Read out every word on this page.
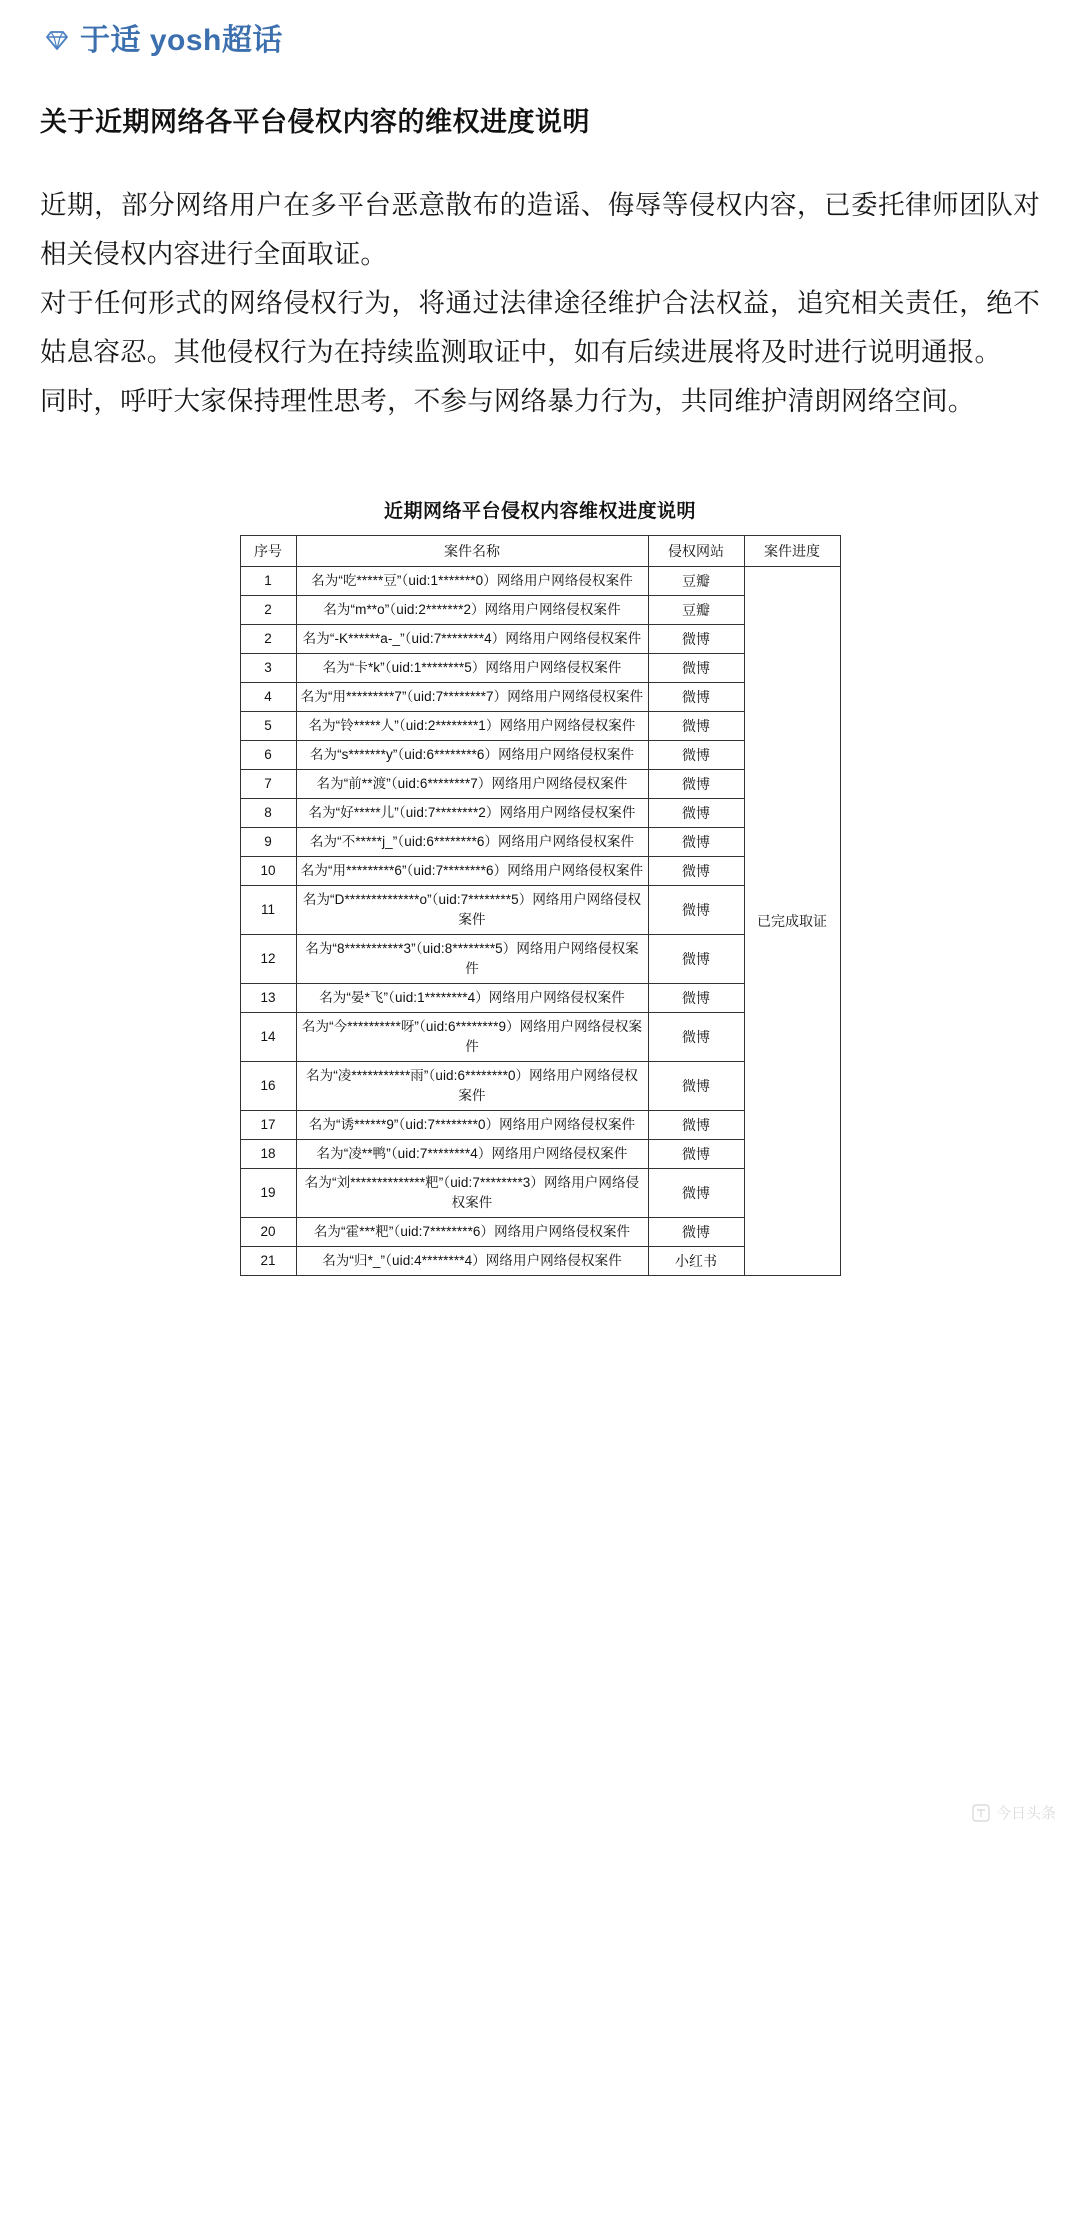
于适 yosh超话
关于近期网络各平台侵权内容的维权进度说明

近期，部分网络用户在多平台恶意散布的造谣、侮辱等侵权内容，已委托律师团队对相关侵权内容进行全面取证。

对于任何形式的网络侵权行为，将通过法律途径维护合法权益，追究相关责任，绝不姑息容忍。其他侵权行为在持续监测取证中，如有后续进展将及时进行说明通报。

同时，呼吁大家保持理性思考，不参与网络暴力行为，共同维护清朗网络空间。

近期网络平台侵权内容维权进度说明
序号	案件名称	侵权网站	案件进度
1	名为“吃*****豆”（uid:1*******0）网络用户网络侵权案件	豆瓣	已完成取证
2	名为“m**o”（uid:2*******2）网络用户网络侵权案件	豆瓣	
2	名为“-K******a-_”（uid:7********4）网络用户网络侵权案件	微博	
3	名为“卡*k”（uid:1********5）网络用户网络侵权案件	微博	
4	名为“用*********7”（uid:7********7）网络用户网络侵权案件	微博	
5	名为“铃*****人”（uid:2********1）网络用户网络侵权案件	微博	
6	名为“s*******y”（uid:6********6）网络用户网络侵权案件	微博	
7	名为“前**渡”（uid:6********7）网络用户网络侵权案件	微博	
8	名为“好*****儿”（uid:7********2）网络用户网络侵权案件	微博	
9	名为“不*****j_”（uid:6********6）网络用户网络侵权案件	微博	
10	名为“用*********6”（uid:7********6）网络用户网络侵权案件	微博	
11	名为“D**************o”（uid:7********5）网络用户网络侵权案件	微博	
12	名为“8***********3”（uid:8********5）网络用户网络侵权案件	微博	
13	名为“晏*飞”（uid:1********4）网络用户网络侵权案件	微博	
14	名为“今**********呀”（uid:6********9）网络用户网络侵权案件	微博	
16	名为“凌***********雨”（uid:6********0）网络用户网络侵权案件	微博	
17	名为“诱******9”（uid:7********0）网络用户网络侵权案件	微博	
18	名为“凌**鸭”（uid:7********4）网络用户网络侵权案件	微博	
19	名为“刘**************粑”（uid:7********3）网络用户网络侵权案件	微博	
20	名为“霍***粑”（uid:7********6）网络用户网络侵权案件	微博	
21	名为“归*_”（uid:4********4）网络用户网络侵权案件	小红书	
今日头条
